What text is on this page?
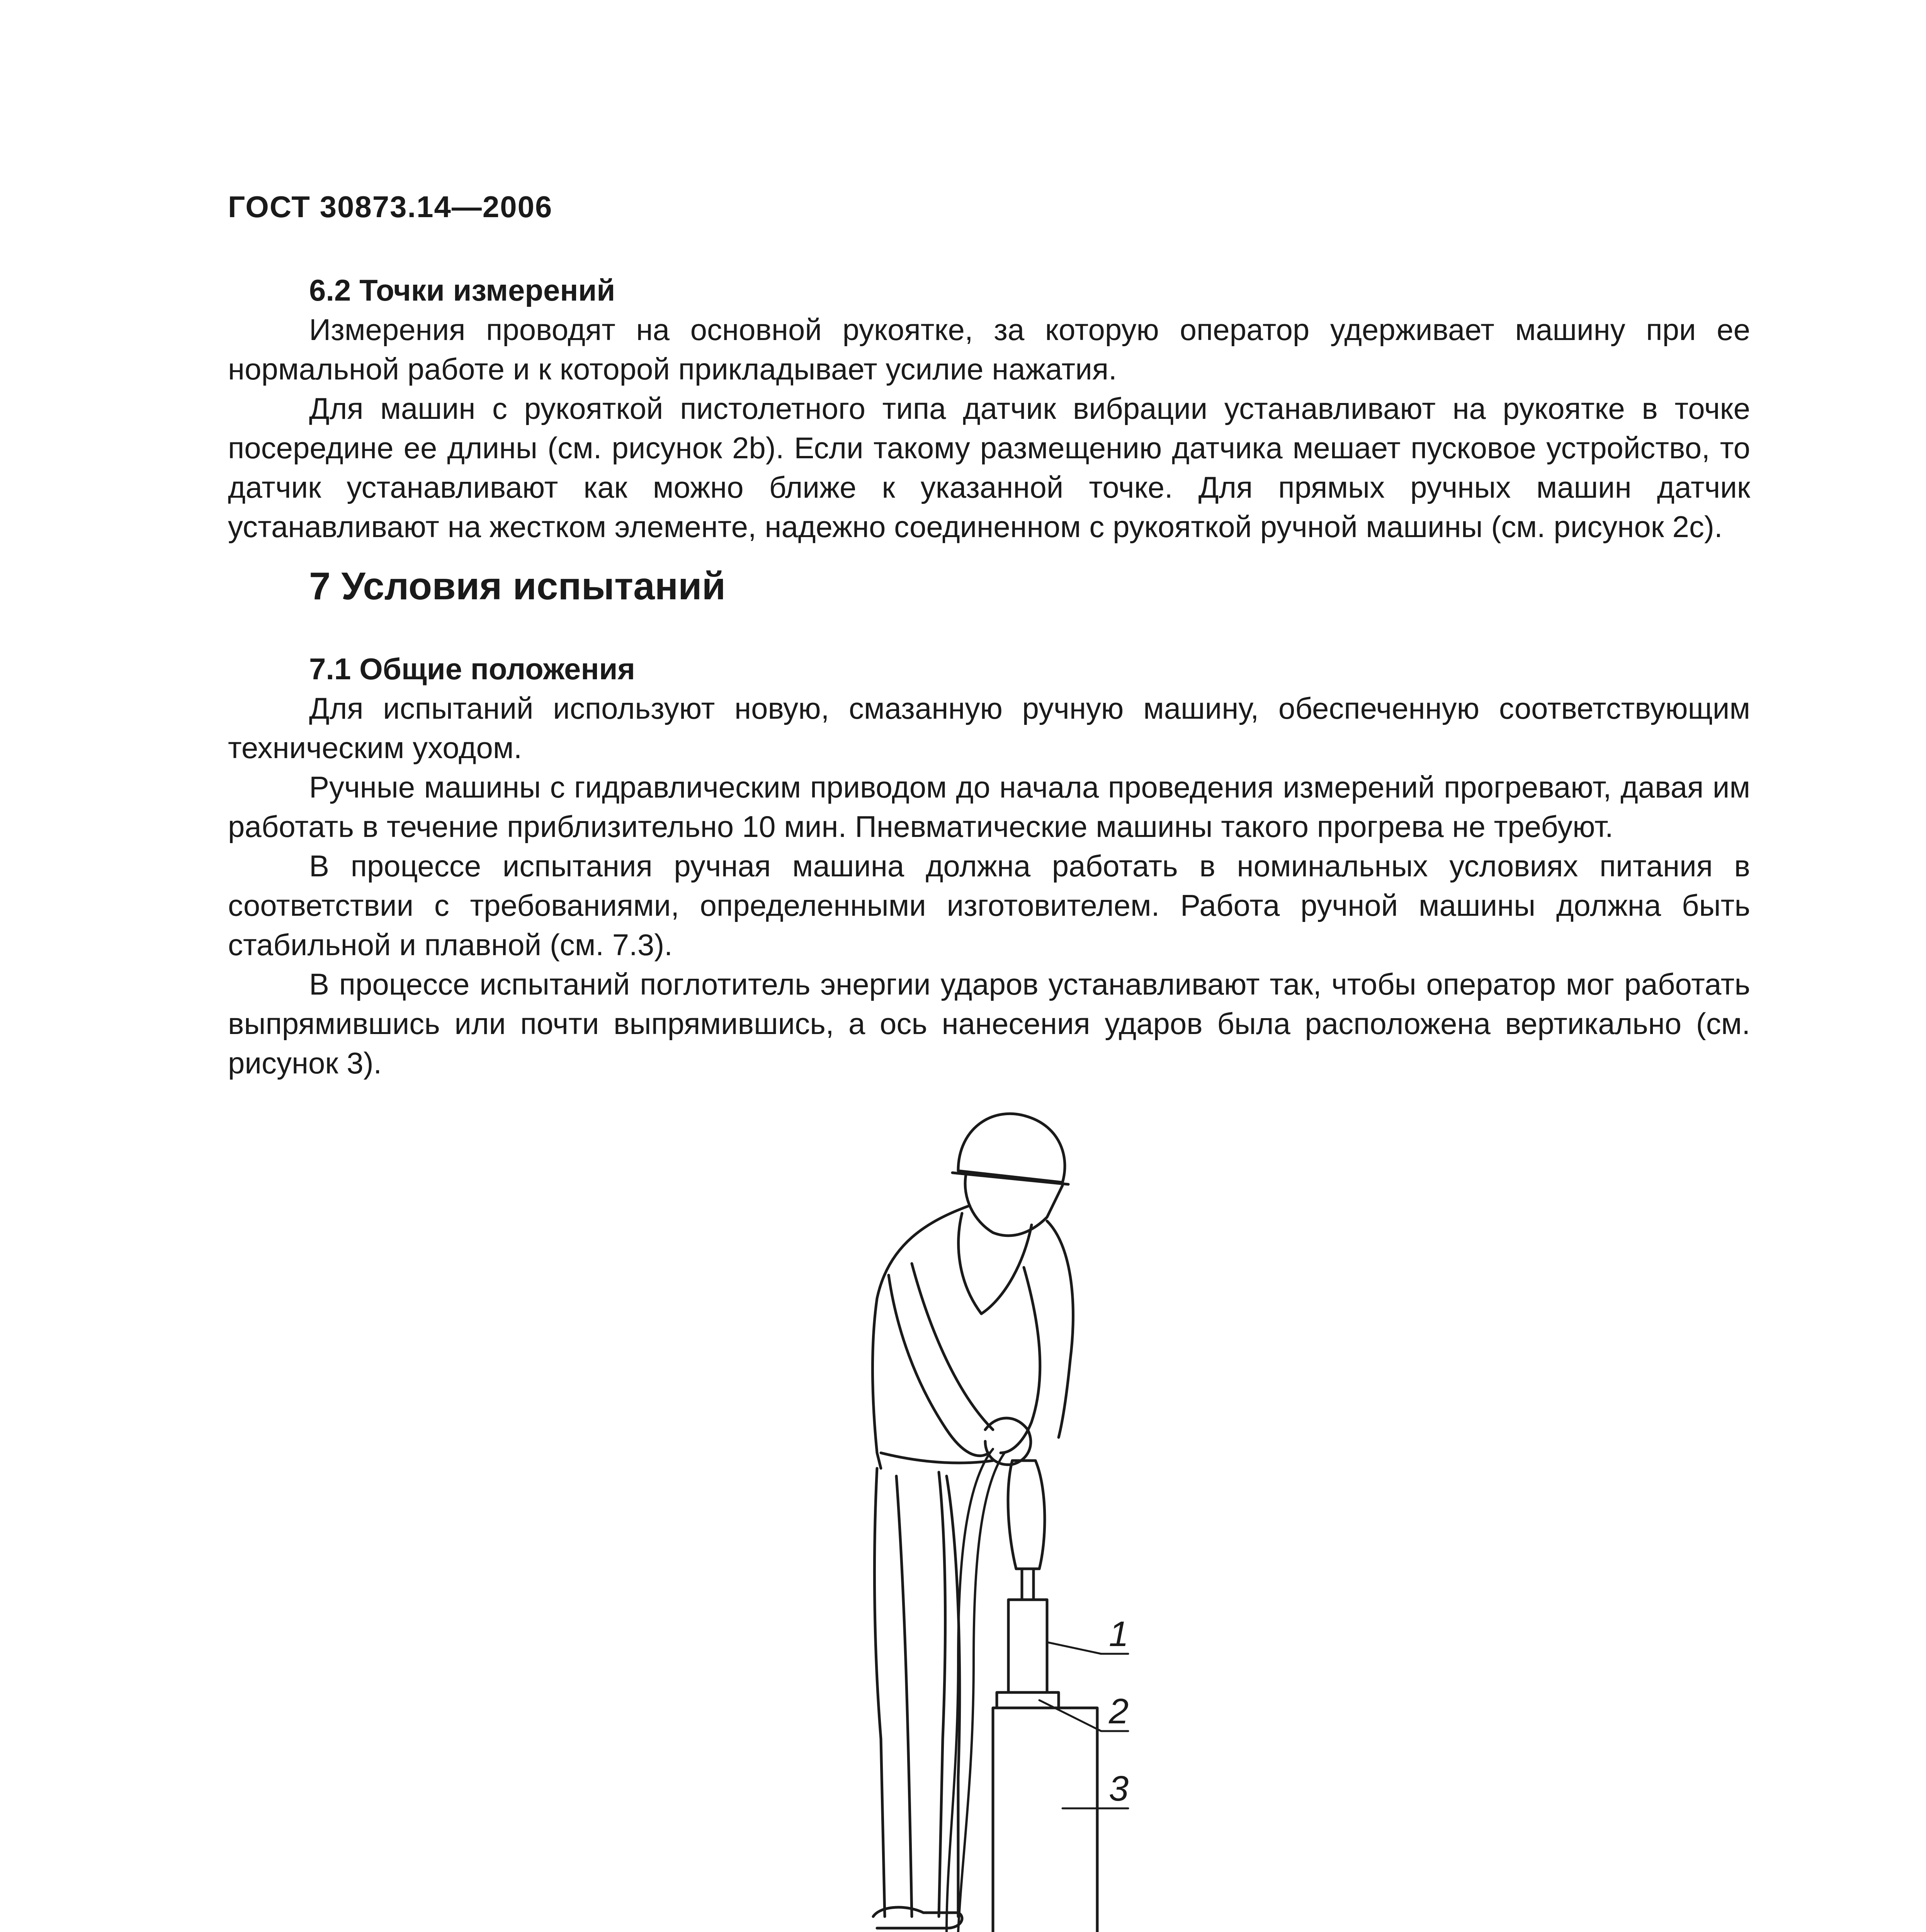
ГОСТ 30873.14—2006

6.2 Точки измерений

Измерения проводят на основной рукоятке, за которую оператор удерживает машину при ее нормальной работе и к которой прикладывает усилие нажатия.

Для машин с рукояткой пистолетного типа датчик вибрации устанавливают на рукоятке в точке посередине ее длины (см. рисунок 2b). Если такому размещению датчика мешает пусковое устройство, то датчик устанавливают как можно ближе к указанной точке. Для прямых ручных машин датчик устанавливают на жестком элементе, надежно соединенном с рукояткой ручной машины (см. рисунок 2с).

7 Условия испытаний

7.1 Общие положения

Для испытаний используют новую, смазанную ручную машину, обеспеченную соответствующим техническим уходом.

Ручные машины с гидравлическим приводом до начала проведения измерений прогревают, давая им работать в течение приблизительно 10 мин. Пневматические машины такого прогрева не требуют.

В процессе испытания ручная машина должна работать в номинальных условиях питания в соответствии с требованиями, определенными изготовителем. Работа ручной машины должна быть стабильной и плавной (см. 7.3).

В процессе испытаний поглотитель энергии ударов устанавливают так, чтобы оператор мог работать выпрямившись или почти выпрямившись, а ось нанесения ударов была расположена вертикально (см. рисунок 3).

1
2
3
